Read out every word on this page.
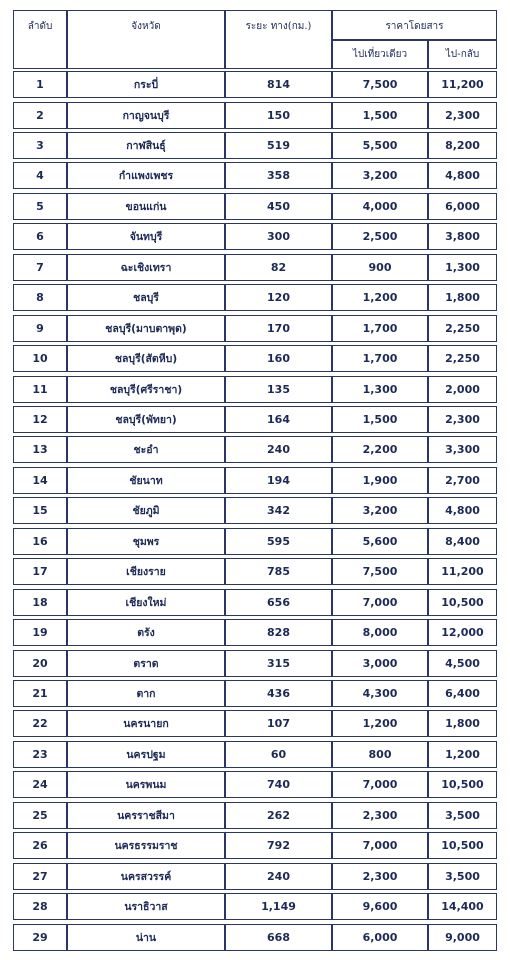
ลำดับ	จังหวัด	ระยะ ทาง(กม.)	ราคาโดยสาร
ไปเที่ยวเดียว	ไป-กลับ
1	กระบี่	814	7,500	11,200
2	กาญจนบุรี	150	1,500	2,300
3	กาฬสินธุ์	519	5,500	8,200
4	กำแพงเพชร	358	3,200	4,800
5	ขอนแก่น	450	4,000	6,000
6	จันทบุรี	300	2,500	3,800
7	ฉะเชิงเทรา	82	900	1,300
8	ชลบุรี	120	1,200	1,800
9	ชลบุรี(มาบตาพุด)	170	1,700	2,250
10	ชลบุรี(สัตหีบ)	160	1,700	2,250
11	ชลบุรี(ศรีราชา)	135	1,300	2,000
12	ชลบุรี(พัทยา)	164	1,500	2,300
13	ชะอำ	240	2,200	3,300
14	ชัยนาท	194	1,900	2,700
15	ชัยภูมิ	342	3,200	4,800
16	ชุมพร	595	5,600	8,400
17	เชียงราย	785	7,500	11,200
18	เชียงใหม่	656	7,000	10,500
19	ตรัง	828	8,000	12,000
20	ตราด	315	3,000	4,500
21	ตาก	436	4,300	6,400
22	นครนายก	107	1,200	1,800
23	นครปฐม	60	800	1,200
24	นครพนม	740	7,000	10,500
25	นครราชสีมา	262	2,300	3,500
26	นครธรรมราช	792	7,000	10,500
27	นครสวรรค์	240	2,300	3,500
28	นราธิวาส	1,149	9,600	14,400
29	น่าน	668	6,000	9,000
